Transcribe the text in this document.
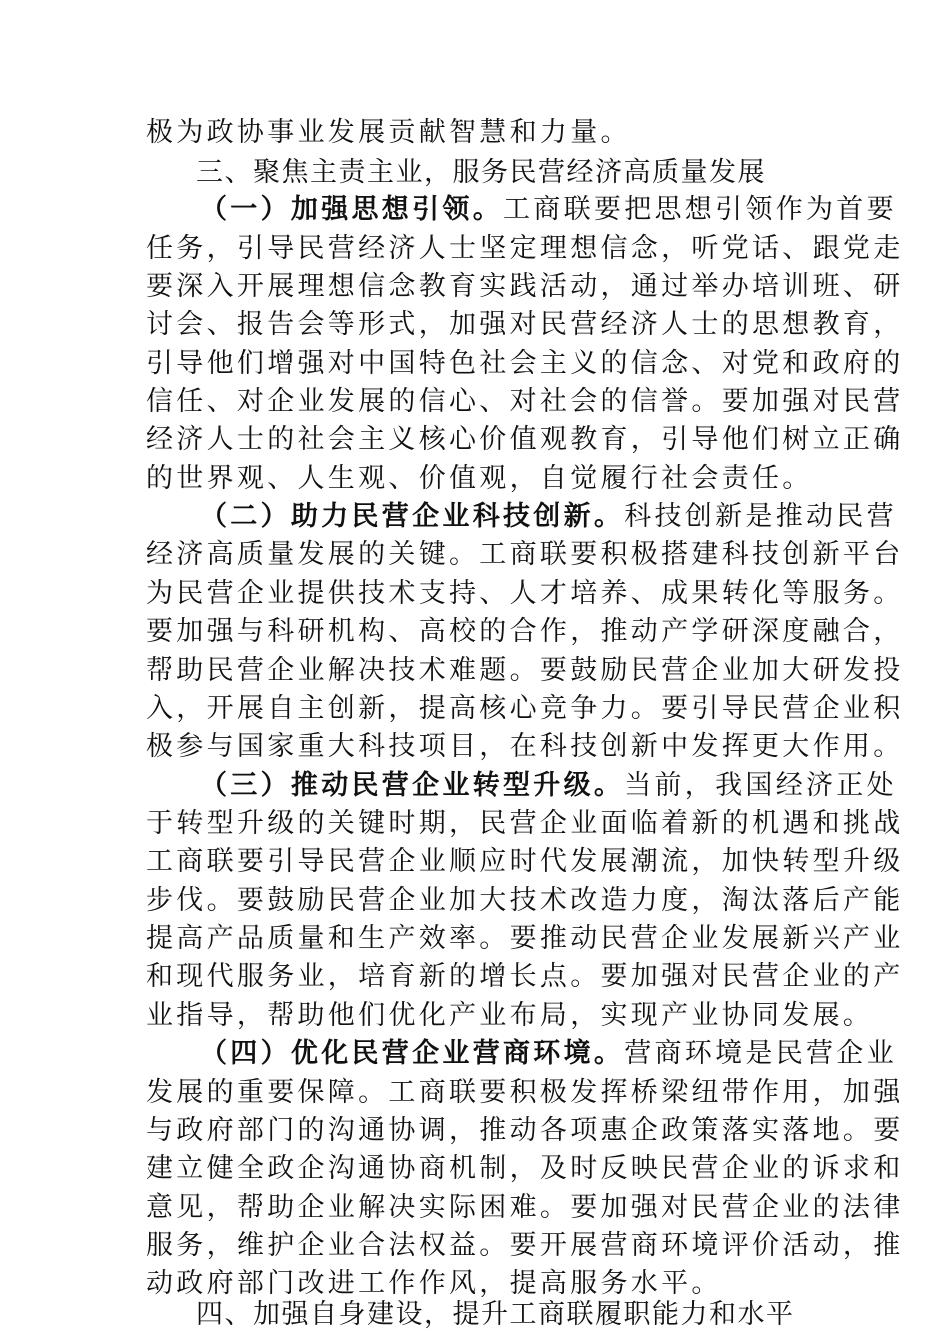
极为政协事业发展贡献智慧和力量。
三、聚焦主责主业，服务民营经济高质量发展
（一）加强思想引领。工商联要把思想引领作为首要
任务，引导民营经济人士坚定理想信念，听党话、跟党走
要深入开展理想信念教育实践活动，通过举办培训班、研
讨会、报告会等形式，加强对民营经济人士的思想教育，
引导他们增强对中国特色社会主义的信念、对党和政府的
信任、对企业发展的信心、对社会的信誉。要加强对民营
经济人士的社会主义核心价值观教育，引导他们树立正确
的世界观、人生观、价值观，自觉履行社会责任。
（二）助力民营企业科技创新。科技创新是推动民营
经济高质量发展的关键。工商联要积极搭建科技创新平台
为民营企业提供技术支持、人才培养、成果转化等服务。
要加强与科研机构、高校的合作，推动产学研深度融合，
帮助民营企业解决技术难题。要鼓励民营企业加大研发投
入，开展自主创新，提高核心竞争力。要引导民营企业积
极参与国家重大科技项目，在科技创新中发挥更大作用。
（三）推动民营企业转型升级。当前，我国经济正处
于转型升级的关键时期，民营企业面临着新的机遇和挑战
工商联要引导民营企业顺应时代发展潮流，加快转型升级
步伐。要鼓励民营企业加大技术改造力度，淘汰落后产能
提高产品质量和生产效率。要推动民营企业发展新兴产业
和现代服务业，培育新的增长点。要加强对民营企业的产
业指导，帮助他们优化产业布局，实现产业协同发展。
（四）优化民营企业营商环境。营商环境是民营企业
发展的重要保障。工商联要积极发挥桥梁纽带作用，加强
与政府部门的沟通协调，推动各项惠企政策落实落地。要
建立健全政企沟通协商机制，及时反映民营企业的诉求和
意见，帮助企业解决实际困难。要加强对民营企业的法律
服务，维护企业合法权益。要开展营商环境评价活动，推
动政府部门改进工作作风，提高服务水平。
四、加强自身建设，提升工商联履职能力和水平
